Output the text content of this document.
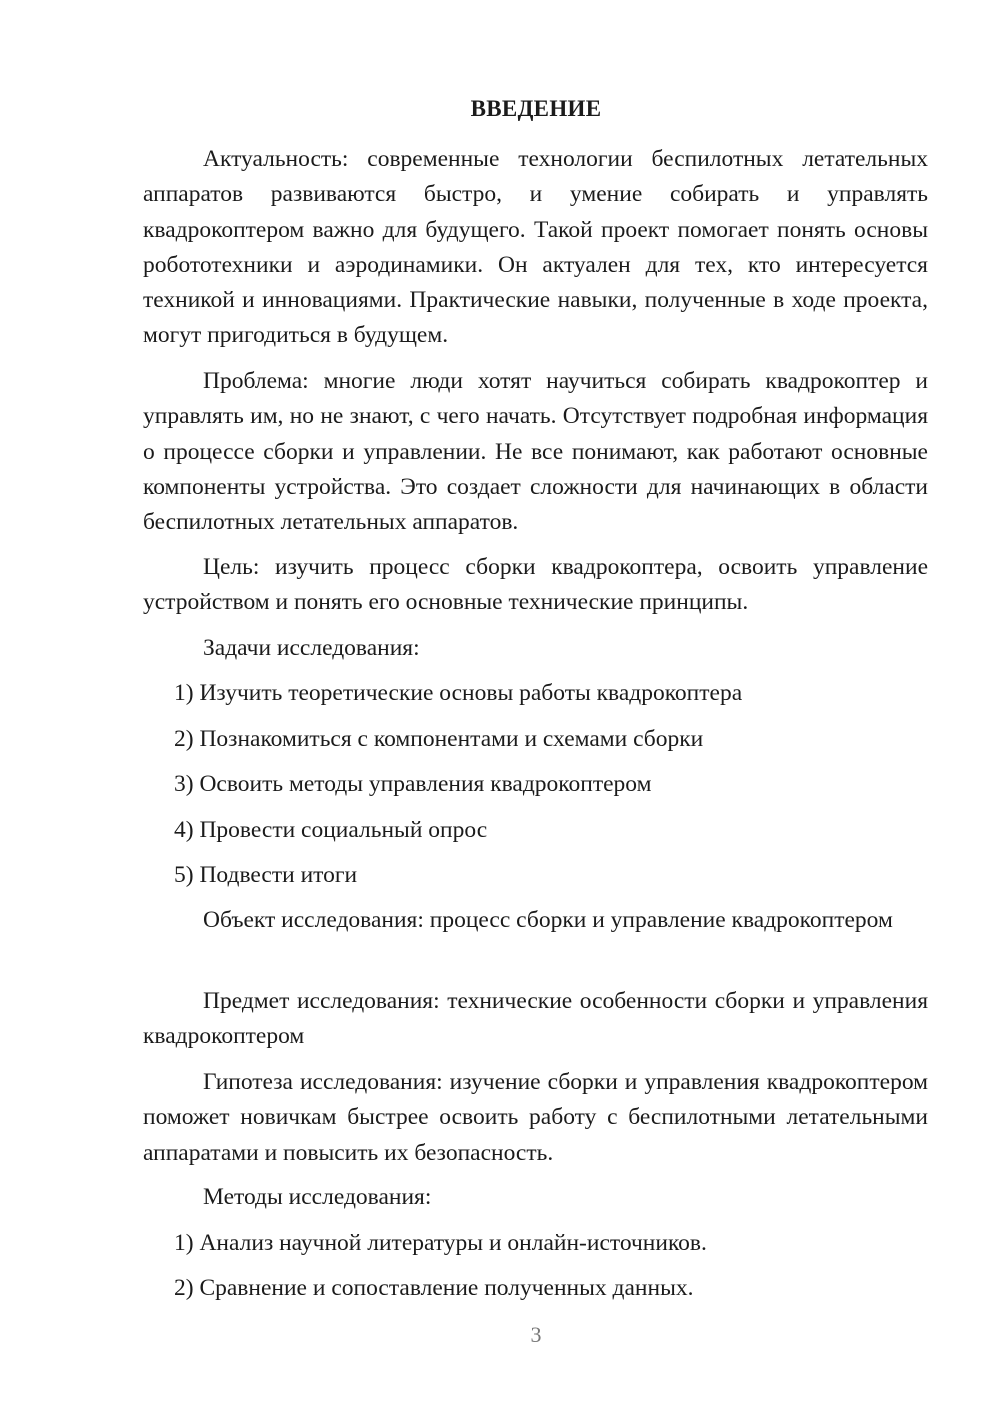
ВВЕДЕНИЕ

Актуальность: современные технологии беспилотных летательных аппаратов развиваются быстро, и умение собирать и управлять квадрокоптером важно для будущего. Такой проект помогает понять основы робототехники и аэродинамики. Он актуален для тех, кто интересуется техникой и инновациями. Практические навыки, полученные в ходе проекта, могут пригодиться в будущем.

Проблема: многие люди хотят научиться собирать квадрокоптер и управлять им, но не знают, с чего начать. Отсутствует подробная информация о процессе сборки и управлении. Не все понимают, как работают основные компоненты устройства. Это создает сложности для начинающих в области беспилотных летательных аппаратов.

Цель: изучить процесс сборки квадрокоптера, освоить управление устройством и понять его основные технические принципы.

Задачи исследования:
1) Изучить теоретические основы работы квадрокоптера
2) Познакомиться с компонентами и схемами сборки
3) Освоить методы управления квадрокоптером
4) Провести социальный опрос
5) Подвести итоги

Объект исследования: процесс сборки и управление квадрокоптером

Предмет исследования: технические особенности сборки и управления квадрокоптером

Гипотеза исследования: изучение сборки и управления квадрокоптером поможет новичкам быстрее освоить работу с беспилотными летательными аппаратами и повысить их безопасность.

Методы исследования:
1) Анализ научной литературы и онлайн-источников.
2) Сравнение и сопоставление полученных данных.
3
